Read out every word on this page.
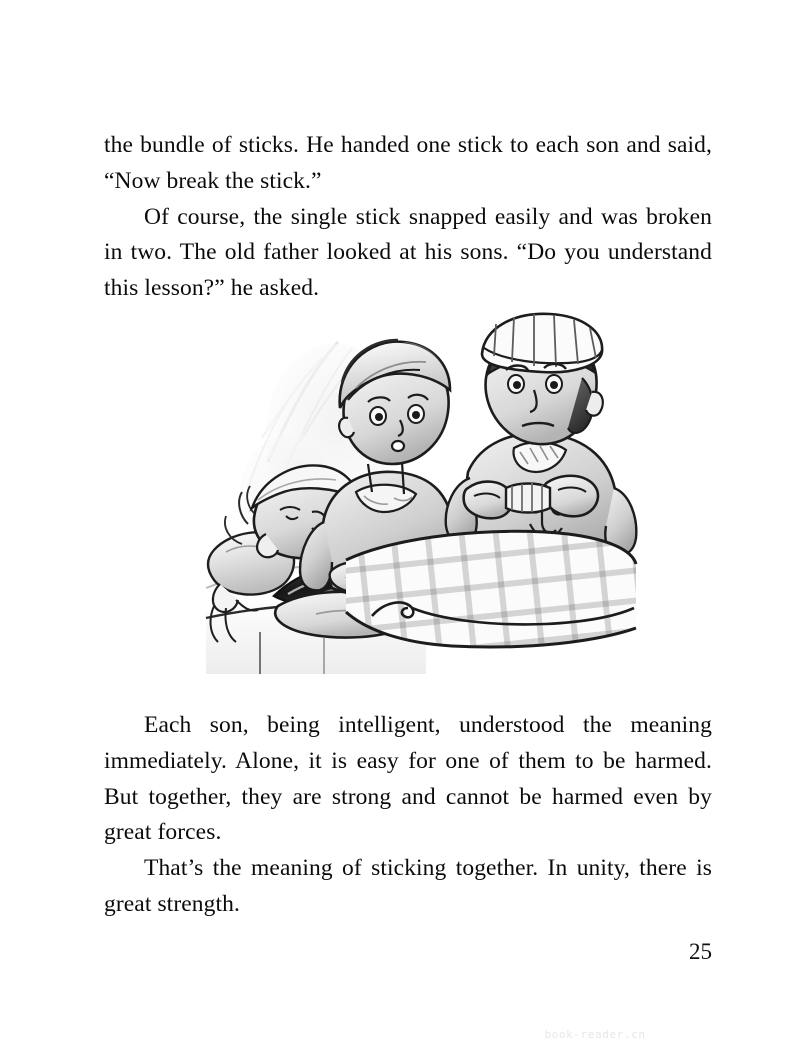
the bundle of sticks. He handed one stick to each son and said, “Now break the stick.”

Of course, the single stick snapped easily and was broken in two. The old father looked at his sons. “Do you understand this lesson?” he asked.

Each son, being intelligent, understood the meaning immediately. Alone, it is easy for one of them to be harmed. But together, they are strong and cannot be harmed even by great forces.

That’s the meaning of sticking together. In unity, there is great strength.

25
book-reader.cn
